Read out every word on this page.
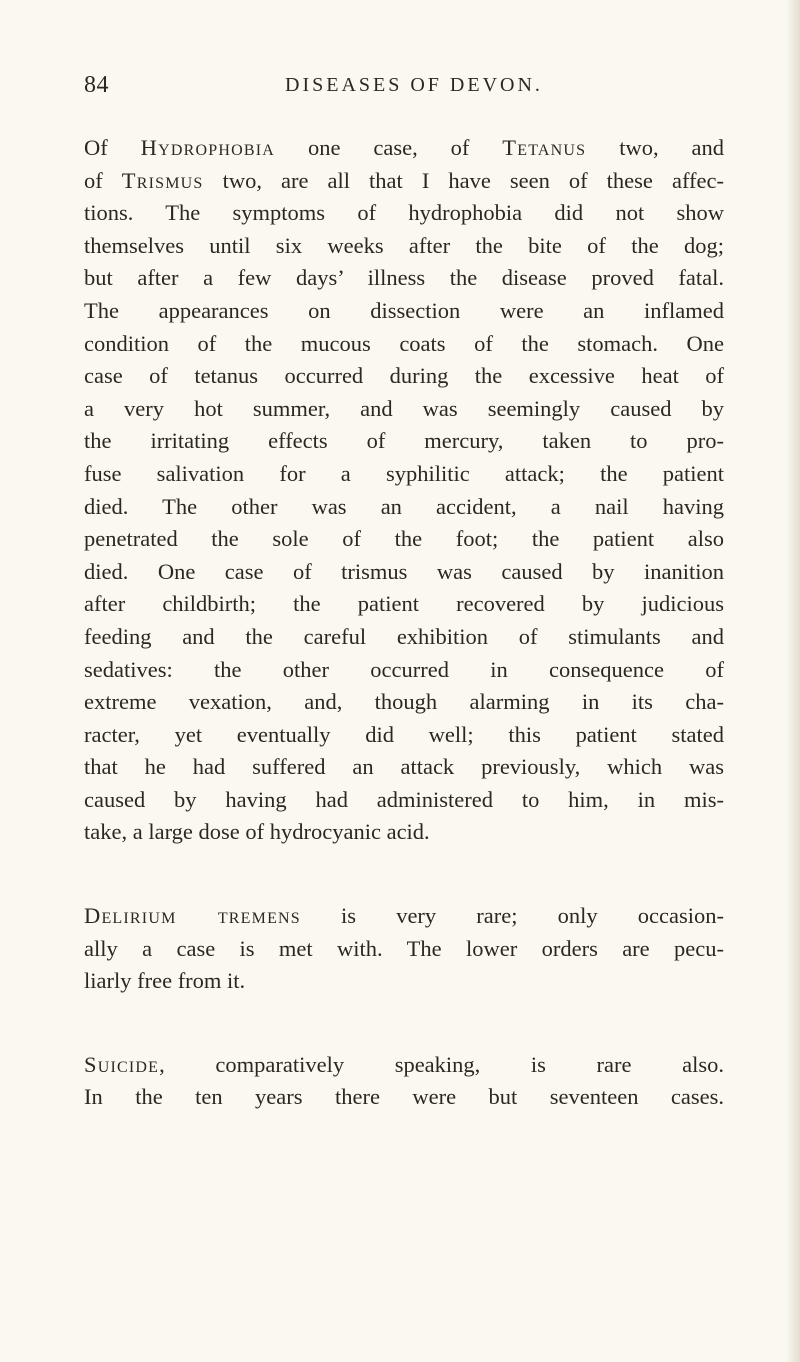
84	DISEASES OF DEVON.
Of Hydrophobia one case, of Tetanus two, and
of Trismus two, are all that I have seen of these affec-
tions. The symptoms of hydrophobia did not show
themselves until six weeks after the bite of the dog;
but after a few days’ illness the disease proved fatal.
The appearances on dissection were an inflamed
condition of the mucous coats of the stomach. One
case of tetanus occurred during the excessive heat of
a very hot summer, and was seemingly caused by
the irritating effects of mercury, taken to pro-
fuse salivation for a syphilitic attack; the patient
died. The other was an accident, a nail having
penetrated the sole of the foot; the patient also
died. One case of trismus was caused by inanition
after childbirth; the patient recovered by judicious
feeding and the careful exhibition of stimulants and
sedatives: the other occurred in consequence of
extreme vexation, and, though alarming in its cha-
racter, yet eventually did well; this patient stated
that he had suffered an attack previously, which was
caused by having had administered to him, in mis-
take, a large dose of hydrocyanic acid.
Delirium tremens is very rare; only occasion-
ally a case is met with. The lower orders are pecu-
liarly free from it.
Suicide, comparatively speaking, is rare also.
In the ten years there were but seventeen cases.
